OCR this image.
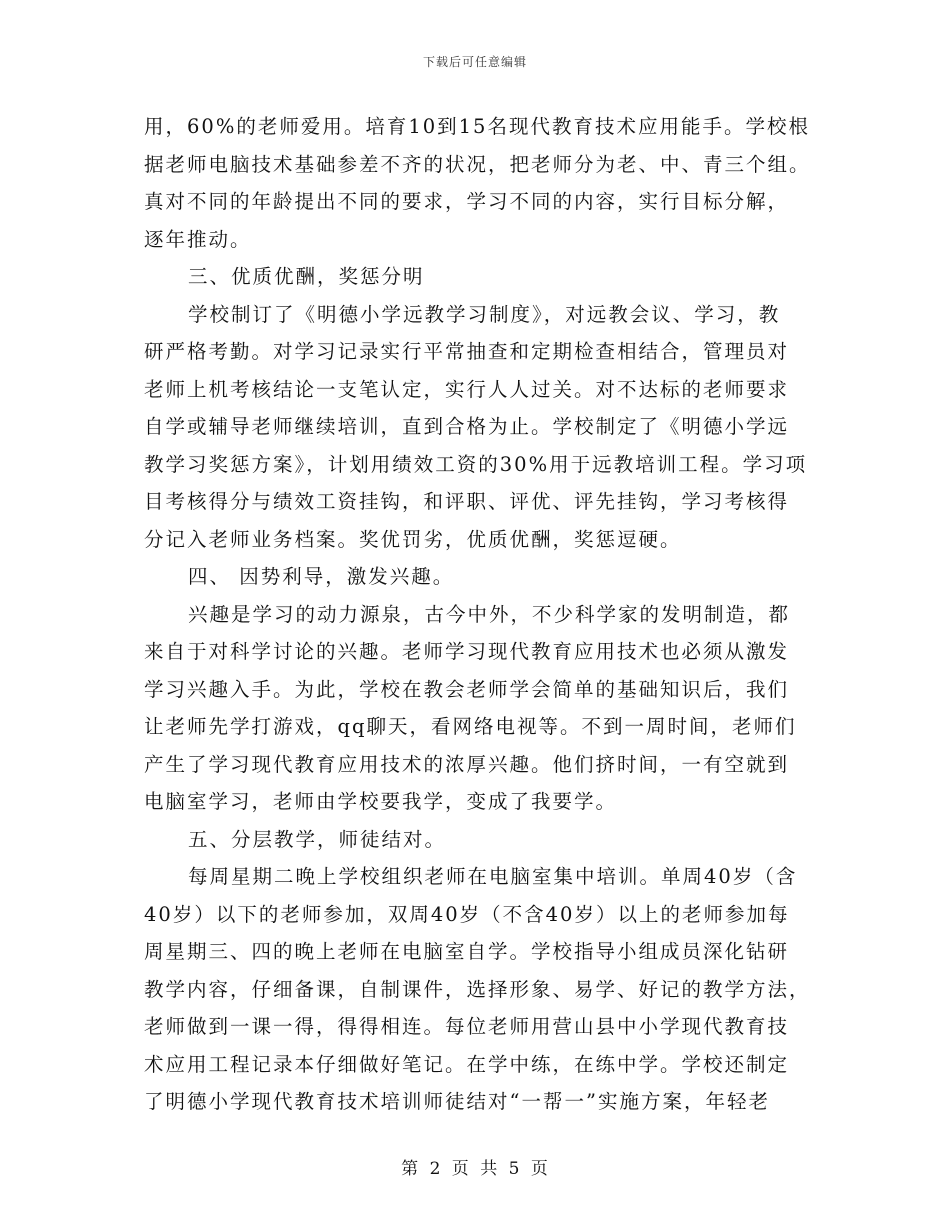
下载后可任意编辑
用，60%的老师爱用。培育10到15名现代教育技术应用能手。学校根
据老师电脑技术基础参差不齐的状况，把老师分为老、中、青三个组。
真对不同的年龄提出不同的要求，学习不同的内容，实行目标分解，
逐年推动。
三、优质优酬，奖惩分明
学校制订了《明德小学远教学习制度》，对远教会议、学习，教
研严格考勤。对学习记录实行平常抽查和定期检查相结合，管理员对
老师上机考核结论一支笔认定，实行人人过关。对不达标的老师要求
自学或辅导老师继续培训，直到合格为止。学校制定了《明德小学远
教学习奖惩方案》，计划用绩效工资的30%用于远教培训工程。学习项
目考核得分与绩效工资挂钩，和评职、评优、评先挂钩，学习考核得
分记入老师业务档案。奖优罚劣，优质优酬，奖惩逗硬。
四、 因势利导，激发兴趣。
兴趣是学习的动力源泉，古今中外，不少科学家的发明制造，都
来自于对科学讨论的兴趣。老师学习现代教育应用技术也必须从激发
学习兴趣入手。为此，学校在教会老师学会简单的基础知识后，我们
让老师先学打游戏，qq聊天，看网络电视等。不到一周时间，老师们
产生了学习现代教育应用技术的浓厚兴趣。他们挤时间，一有空就到
电脑室学习，老师由学校要我学，变成了我要学。
五、分层教学，师徒结对。
每周星期二晚上学校组织老师在电脑室集中培训。单周40岁（含
40岁）以下的老师参加，双周40岁（不含40岁）以上的老师参加每
周星期三、四的晚上老师在电脑室自学。学校指导小组成员深化钻研
教学内容，仔细备课，自制课件，选择形象、易学、好记的教学方法，
老师做到一课一得，得得相连。每位老师用营山县中小学现代教育技
术应用工程记录本仔细做好笔记。在学中练，在练中学。学校还制定
了明德小学现代教育技术培训师徒结对“一帮一”实施方案，年轻老
第 2 页 共 5 页
